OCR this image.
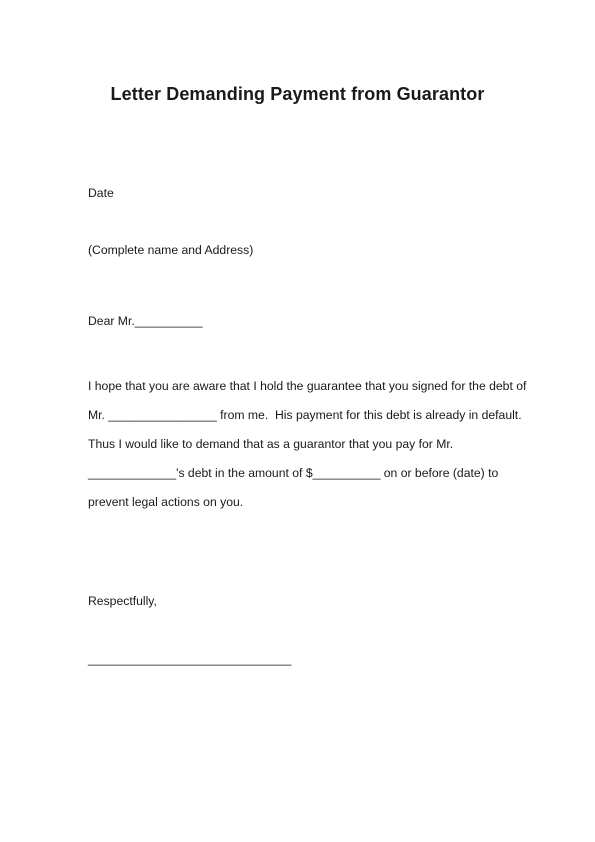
Letter Demanding Payment from Guarantor
Date
(Complete name and Address)
Dear Mr.__________
I hope that you are aware that I hold the guarantee that you signed for the debt of
Mr. ________________ from me.  His payment for this debt is already in default.
Thus I would like to demand that as a guarantor that you pay for Mr.
_____________'s debt in the amount of $__________ on or before (date) to
prevent legal actions on you.
Respectfully,
______________________________
